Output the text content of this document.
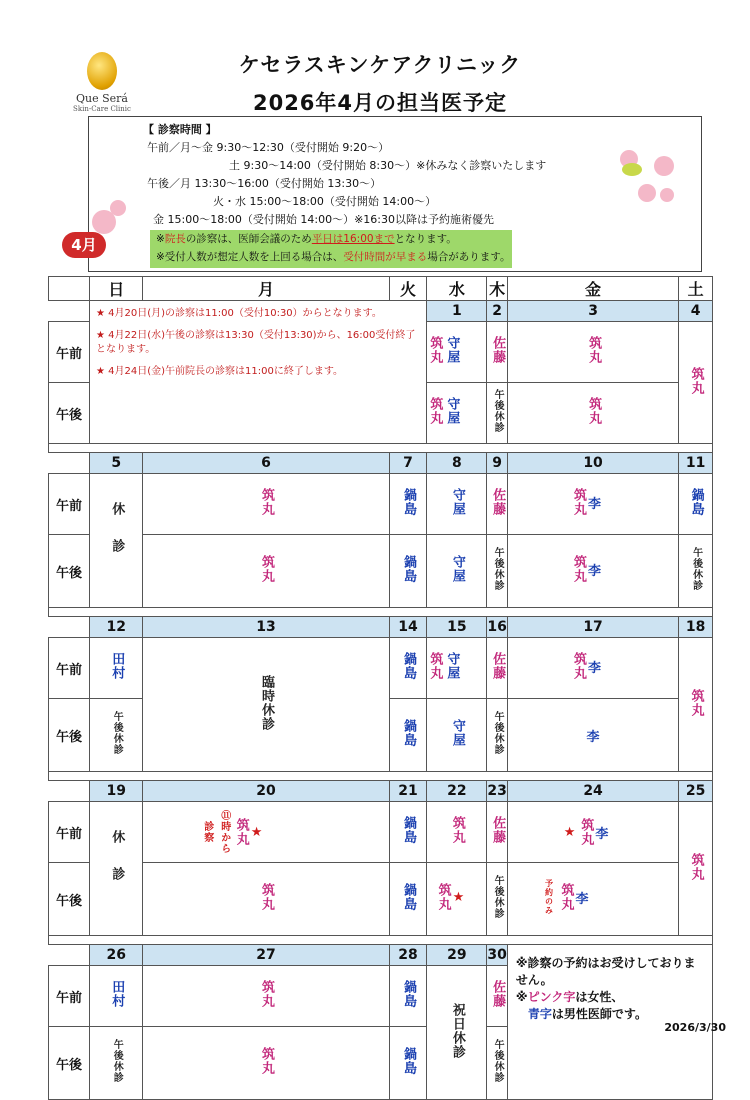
Que Será
Skin-Care Clinic
ケセラスキンケアクリニック
2026年4月の担当医予定
【 診察時間 】
午前／月～金 9:30～12:30（受付開始 9:20～）
土 9:30～14:00（受付開始 8:30～）※休みなく診察いたします
午後／月 13:30～16:00（受付開始 13:30～）
火・水 15:00～18:00（受付開始 14:00～）
金 15:00～18:00（受付開始 14:00～）※16:30以降は予約施術優先
※院長の診察は、医師会議のため平日は16:00までとなります。
※受付人数が想定人数を上回る場合は、受付時間が早まる場合があります。
4月
	日	月	火	水	木	金	土

	★ 4月20日(月)の診察は11:00（受付10:30）からとなります。
★ 4月22日(水)午後の診察は13:30（受付13:30)から、16:00受付終了となります。
★ 4月24日(金)午前院長の診察は11:00に終了します。			1	2	3	4
午前				筑丸 守屋	佐藤	筑丸	筑丸
午後				筑丸 守屋	午後休診	筑丸	

	5	6	7	8	9	10	11
午前	休診	筑丸	鍋島	守屋	佐藤	筑丸 李	鍋島
午後		筑丸	鍋島	守屋	午後休診	筑丸 李	午後休診

	12	13	14	15	16	17	18
午前	田村	臨時休診	鍋島	筑丸 守屋	佐藤	筑丸 李	筑丸
午後	午後休診		鍋島	守屋	午後休診	李	

	19	20	21	22	23	24	25
午前	休診	診察 ⑪時から 筑丸 ★	鍋島	筑丸	佐藤	★ 筑丸 李	筑丸
午後		筑丸	鍋島	筑丸 ★	午後休診	予約のみ 筑丸 李	

	26	27	28	29	30	※診察の予約はお受けしておりません。
※ピンク字は女性、
青字は男性医師です。	

午前	田村	筑丸	鍋島	祝日休診	佐藤		
午後	午後休診	筑丸	鍋島		午後休診		
2026/3/30
